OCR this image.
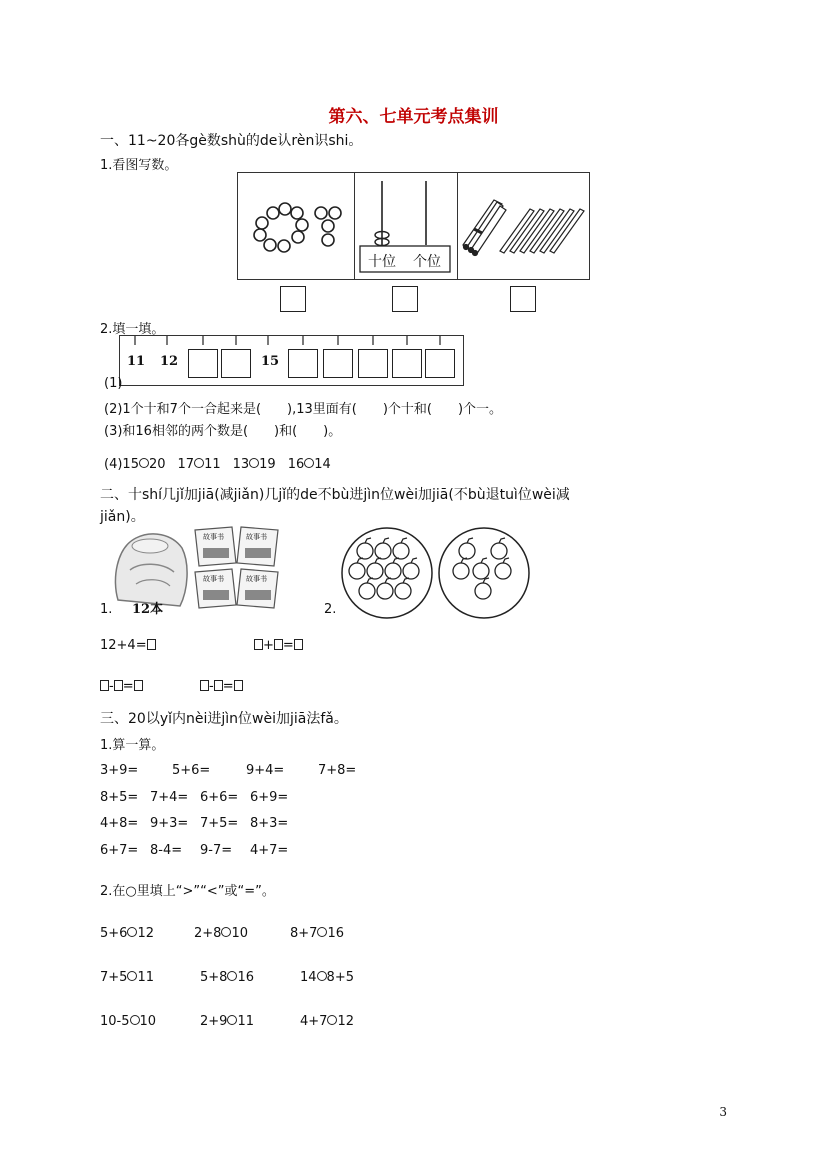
第六、七单元考点集训
一、11~20各gè数shù的de认rèn识shi。
1.看图写数。
十位 个位
2.填一填。
11 12	15
(1)
(2)1个十和7个一合起来是(　　),13里面有(　　)个十和(　　)个一。
(3)和16相邻的两个数是(　　)和(　　)。
(4)15 20 17 11 13 19 16 14
二、十shí几jǐ加jiā(减jiǎn)几jǐ的de不bù进jìn位wèi加jiā(不bù退tuì位wèi减
jiǎn)。
故事书	故事书
故事书	故事书
12本
1.	2.
12+4=	+ =
- =	- =
三、20以yǐ内nèi进jìn位wèi加jiā法fǎ。
1.算一算。
3+9=	5+6=	9+4=	7+8=
8+5= 7+4= 6+6= 6+9=
4+8= 9+3= 7+5= 8+3=
6+7= 8-4= 9-7= 4+7=
2.在○里填上“>”“<”或“=”。
5+6 12	2+8 10	8+7 16
7+5 11	5+8 16	14 8+5
10-5 10	2+9 11	4+7 12
3
